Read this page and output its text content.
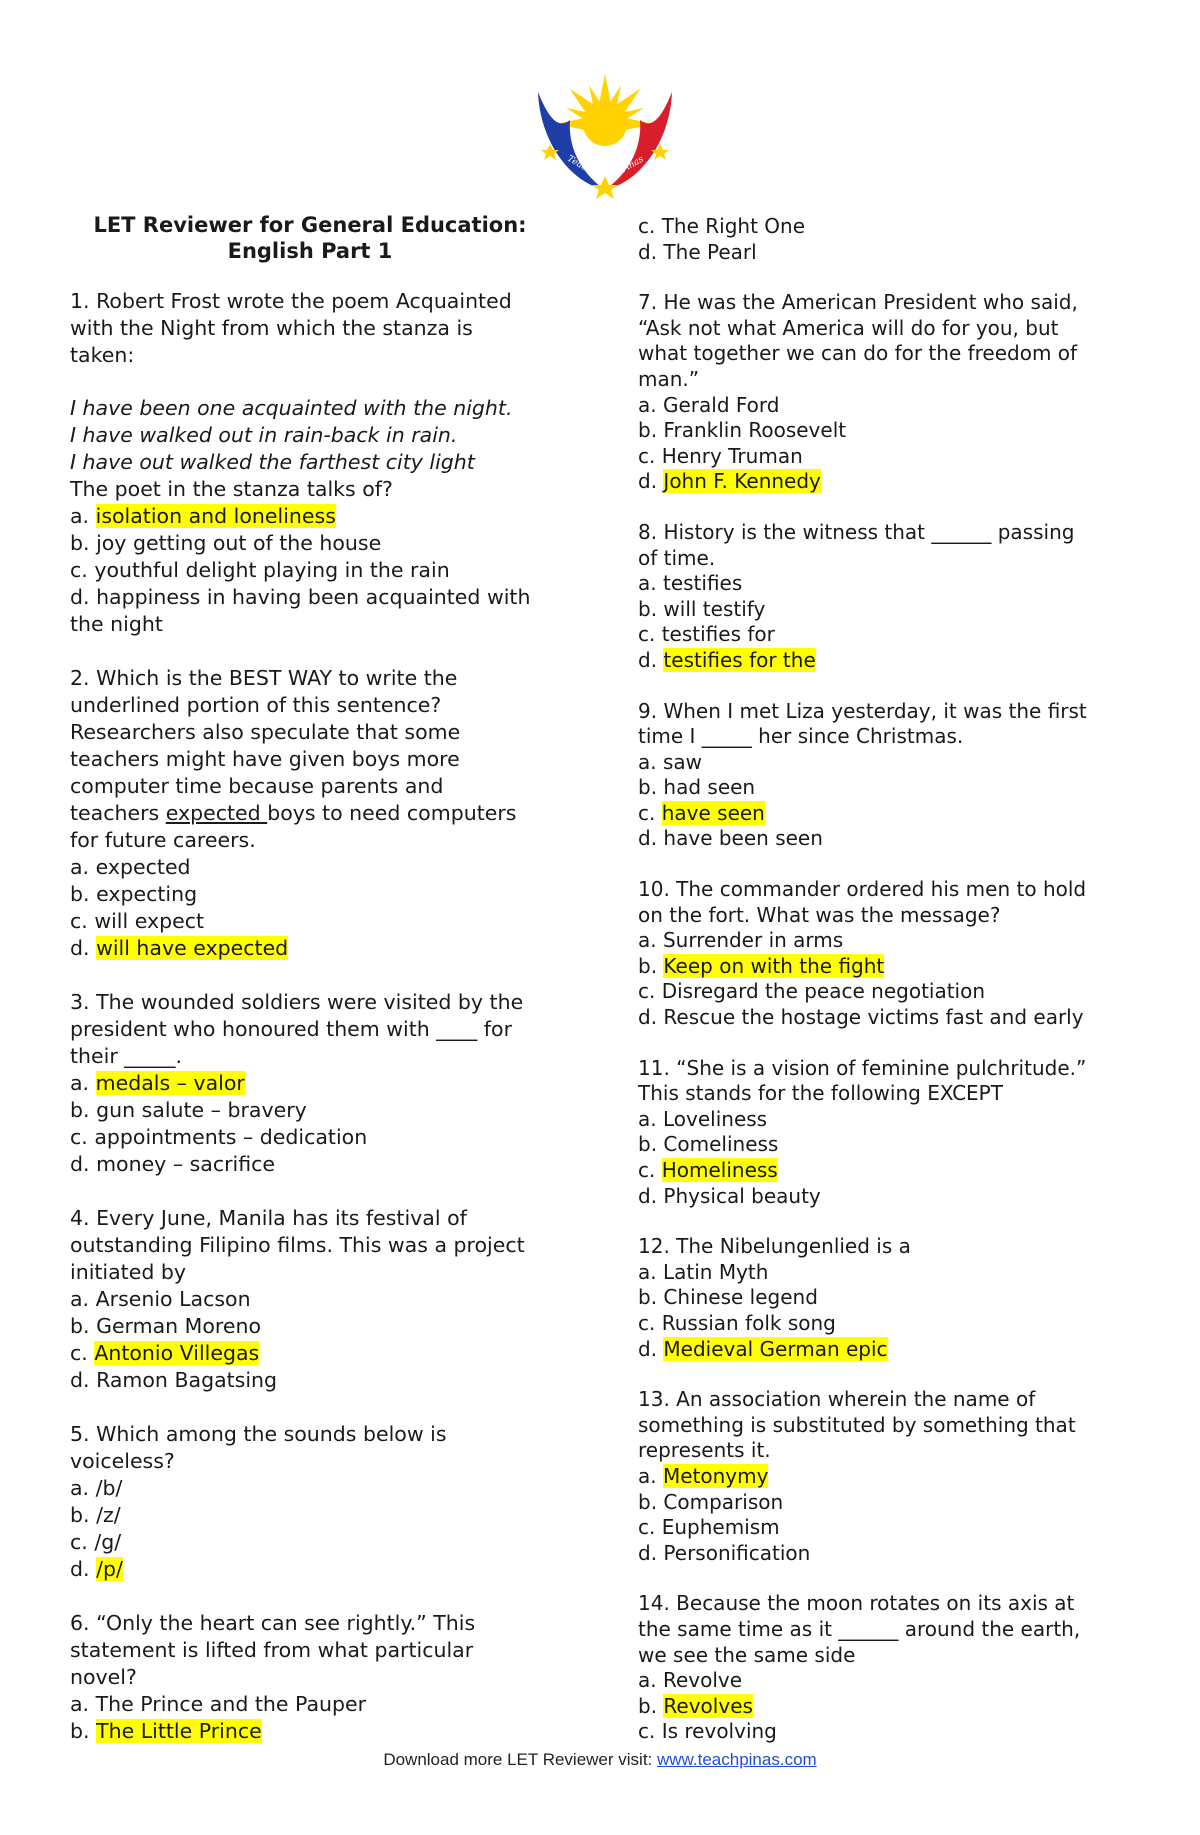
Teach	Pinas
LET Reviewer for General Education:
English Part 1
1. Robert Frost wrote the poem Acquainted
with the Night from which the stanza is
taken:
I have been one acquainted with the night.
I have walked out in rain-back in rain.
I have out walked the farthest city light
The poet in the stanza talks of?
a. isolation and loneliness
b. joy getting out of the house
c. youthful delight playing in the rain
d. happiness in having been acquainted with
the night
2. Which is the BEST WAY to write the
underlined portion of this sentence?
Researchers also speculate that some
teachers might have given boys more
computer time because parents and
teachers expected boys to need computers
for future careers.
a. expected
b. expecting
c. will expect
d. will have expected
3. The wounded soldiers were visited by the
president who honoured them with ____ for
their _____.
a. medals – valor
b. gun salute – bravery
c. appointments – dedication
d. money – sacrifice
4. Every June, Manila has its festival of
outstanding Filipino films. This was a project
initiated by
a. Arsenio Lacson
b. German Moreno
c. Antonio Villegas
d. Ramon Bagatsing
5. Which among the sounds below is
voiceless?
a. /b/
b. /z/
c. /g/
d. /p/
6. “Only the heart can see rightly.” This
statement is lifted from what particular
novel?
a. The Prince and the Pauper
b. The Little Prince
c. The Right One
d. The Pearl
7. He was the American President who said,
“Ask not what America will do for you, but
what together we can do for the freedom of
man.”
a. Gerald Ford
b. Franklin Roosevelt
c. Henry Truman
d. John F. Kennedy
8. History is the witness that ______ passing
of time.
a. testifies
b. will testify
c. testifies for
d. testifies for the
9. When I met Liza yesterday, it was the first
time I _____ her since Christmas.
a. saw
b. had seen
c. have seen
d. have been seen
10. The commander ordered his men to hold
on the fort. What was the message?
a. Surrender in arms
b. Keep on with the fight
c. Disregard the peace negotiation
d. Rescue the hostage victims fast and early
11. “She is a vision of feminine pulchritude.”
This stands for the following EXCEPT
a. Loveliness
b. Comeliness
c. Homeliness
d. Physical beauty
12. The Nibelungenlied is a
a. Latin Myth
b. Chinese legend
c. Russian folk song
d. Medieval German epic
13. An association wherein the name of
something is substituted by something that
represents it.
a. Metonymy
b. Comparison
c. Euphemism
d. Personification
14. Because the moon rotates on its axis at
the same time as it ______ around the earth,
we see the same side
a. Revolve
b. Revolves
c. Is revolving
Download more LET Reviewer visit: www.teachpinas.com
